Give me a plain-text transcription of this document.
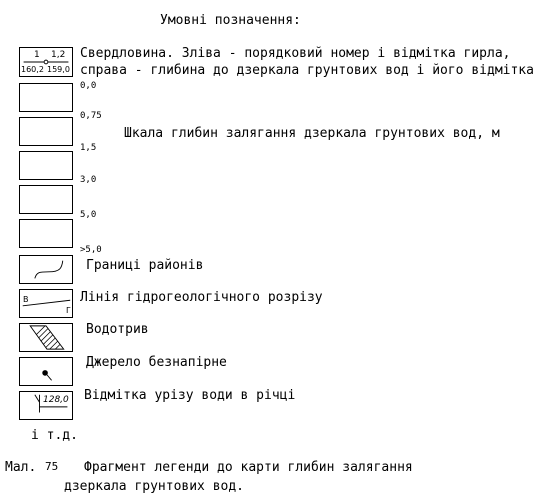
Умовні позначення:
1 1,2
160,2 159,0
Свердловина. Зліва - порядковий номер і відмітка гирла,
справа - глибина до дзеркала грунтових вод і його відмітка
0,0
0,75
1,5
3,0
5,0
>5,0
Шкала глибин залягання дзеркала грунтових вод, м
Границі районів
В
Г
Лінія гідрогеологічного розрізу
Водотрив
Джерело безнапірне
128,0 Відмітка урізу води в річці
і т.д.
Мал. 75 Фрагмент легенди до карти глибин залягання
дзеркала грунтових вод.
